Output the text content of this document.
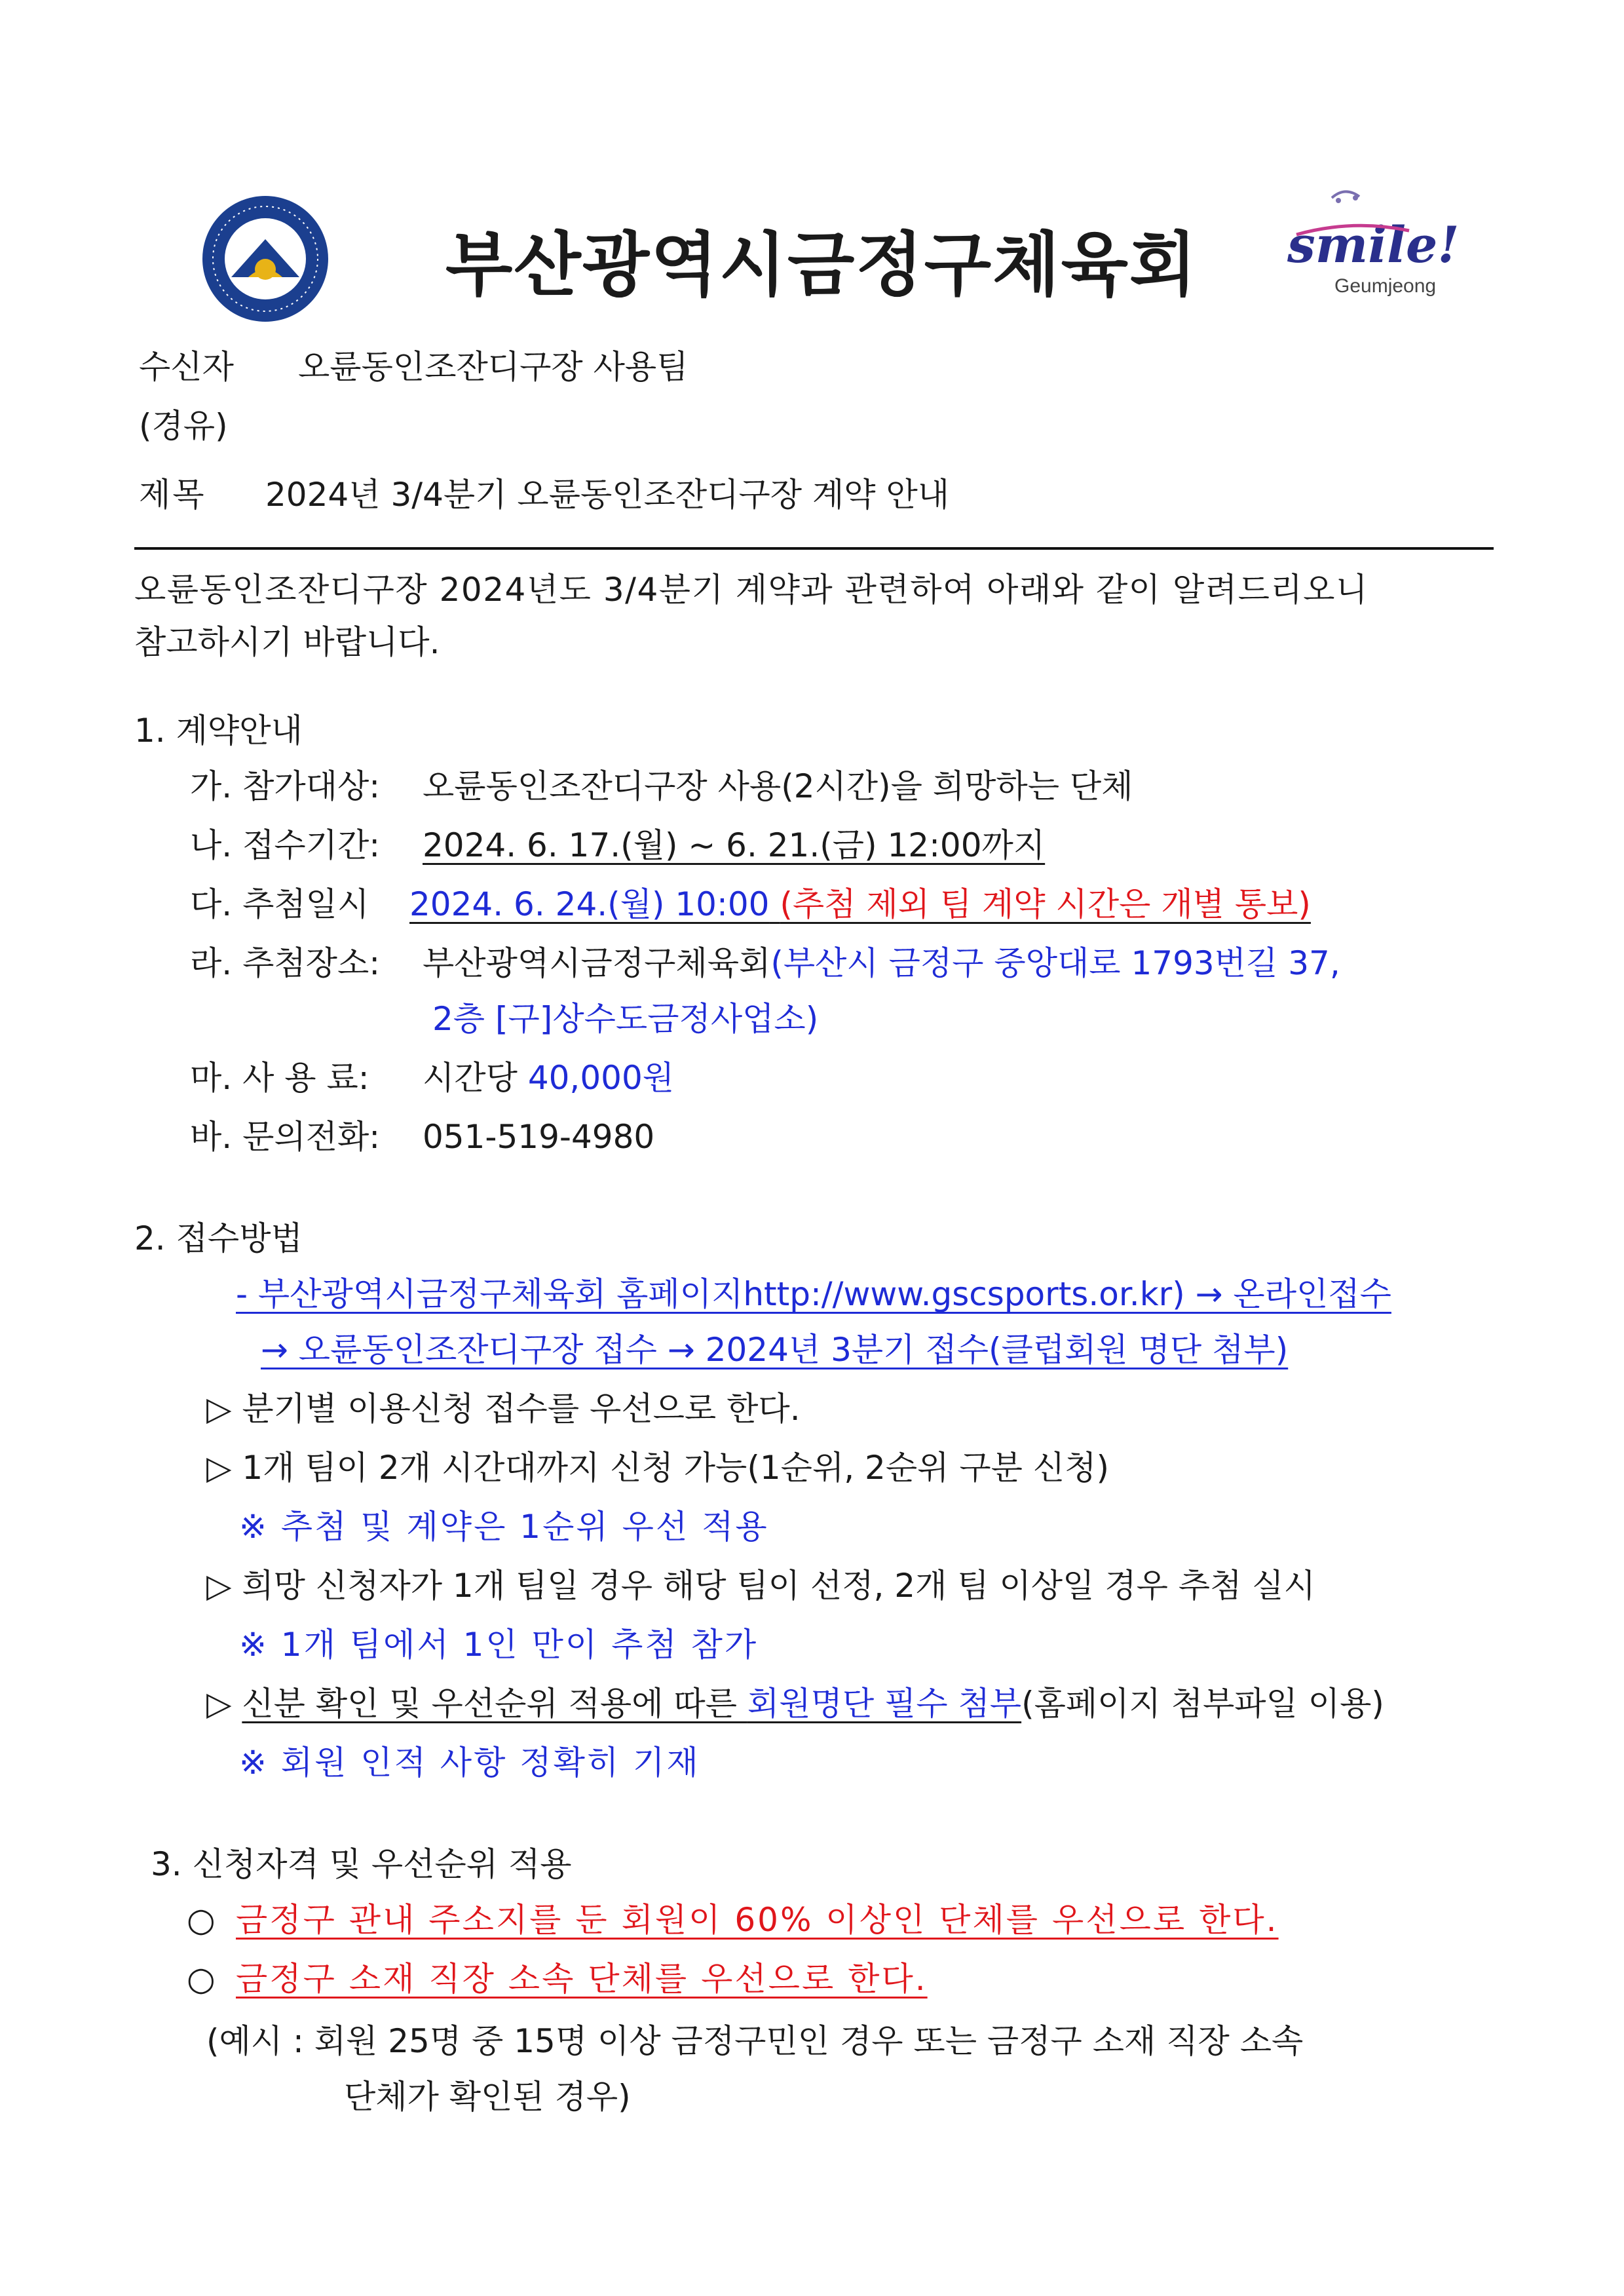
부산광역시금정구체육회 smile!
Geumjeong
수신자 오륜동인조잔디구장 사용팀
(경유)
제목 2024년 3/4분기 오륜동인조잔디구장 계약 안내
오륜동인조잔디구장 2024년도 3/4분기 계약과 관련하여 아래와 같이 알려드리오니
참고하시기 바랍니다.
1. 계약안내
가. 참가대상: 오륜동인조잔디구장 사용(2시간)을 희망하는 단체
나. 접수기간: 2024. 6. 17.(월) ~ 6. 21.(금) 12:00까지
다. 추첨일시 2024. 6. 24.(월) 10:00 (추첨 제외 팀 계약 시간은 개별 통보)
라. 추첨장소: 부산광역시금정구체육회(부산시 금정구 중앙대로 1793번길 37,
2층 [구]상수도금정사업소)
마. 사 용 료: 시간당 40,000원
바. 문의전화: 051-519-4980
2. 접수방법
- 부산광역시금정구체육회 홈페이지http://www.gscsports.or.kr) → 온라인접수
→ 오륜동인조잔디구장 접수 → 2024년 3분기 접수(클럽회원 명단 첨부)
▷ 분기별 이용신청 접수를 우선으로 한다.
▷ 1개 팀이 2개 시간대까지 신청 가능(1순위, 2순위 구분 신청)
※ 추첨 및 계약은 1순위 우선 적용
▷ 희망 신청자가 1개 팀일 경우 해당 팀이 선정, 2개 팀 이상일 경우 추첨 실시
※ 1개 팀에서 1인 만이 추첨 참가
▷ 신분 확인 및 우선순위 적용에 따른 회원명단 필수 첨부(홈페이지 첨부파일 이용)
※ 회원 인적 사항 정확히 기재
3. 신청자격 및 우선순위 적용
○ 금정구 관내 주소지를 둔 회원이 60% 이상인 단체를 우선으로 한다.
○ 금정구 소재 직장 소속 단체를 우선으로 한다.
(예시 : 회원 25명 중 15명 이상 금정구민인 경우 또는 금정구 소재 직장 소속
단체가 확인된 경우)
